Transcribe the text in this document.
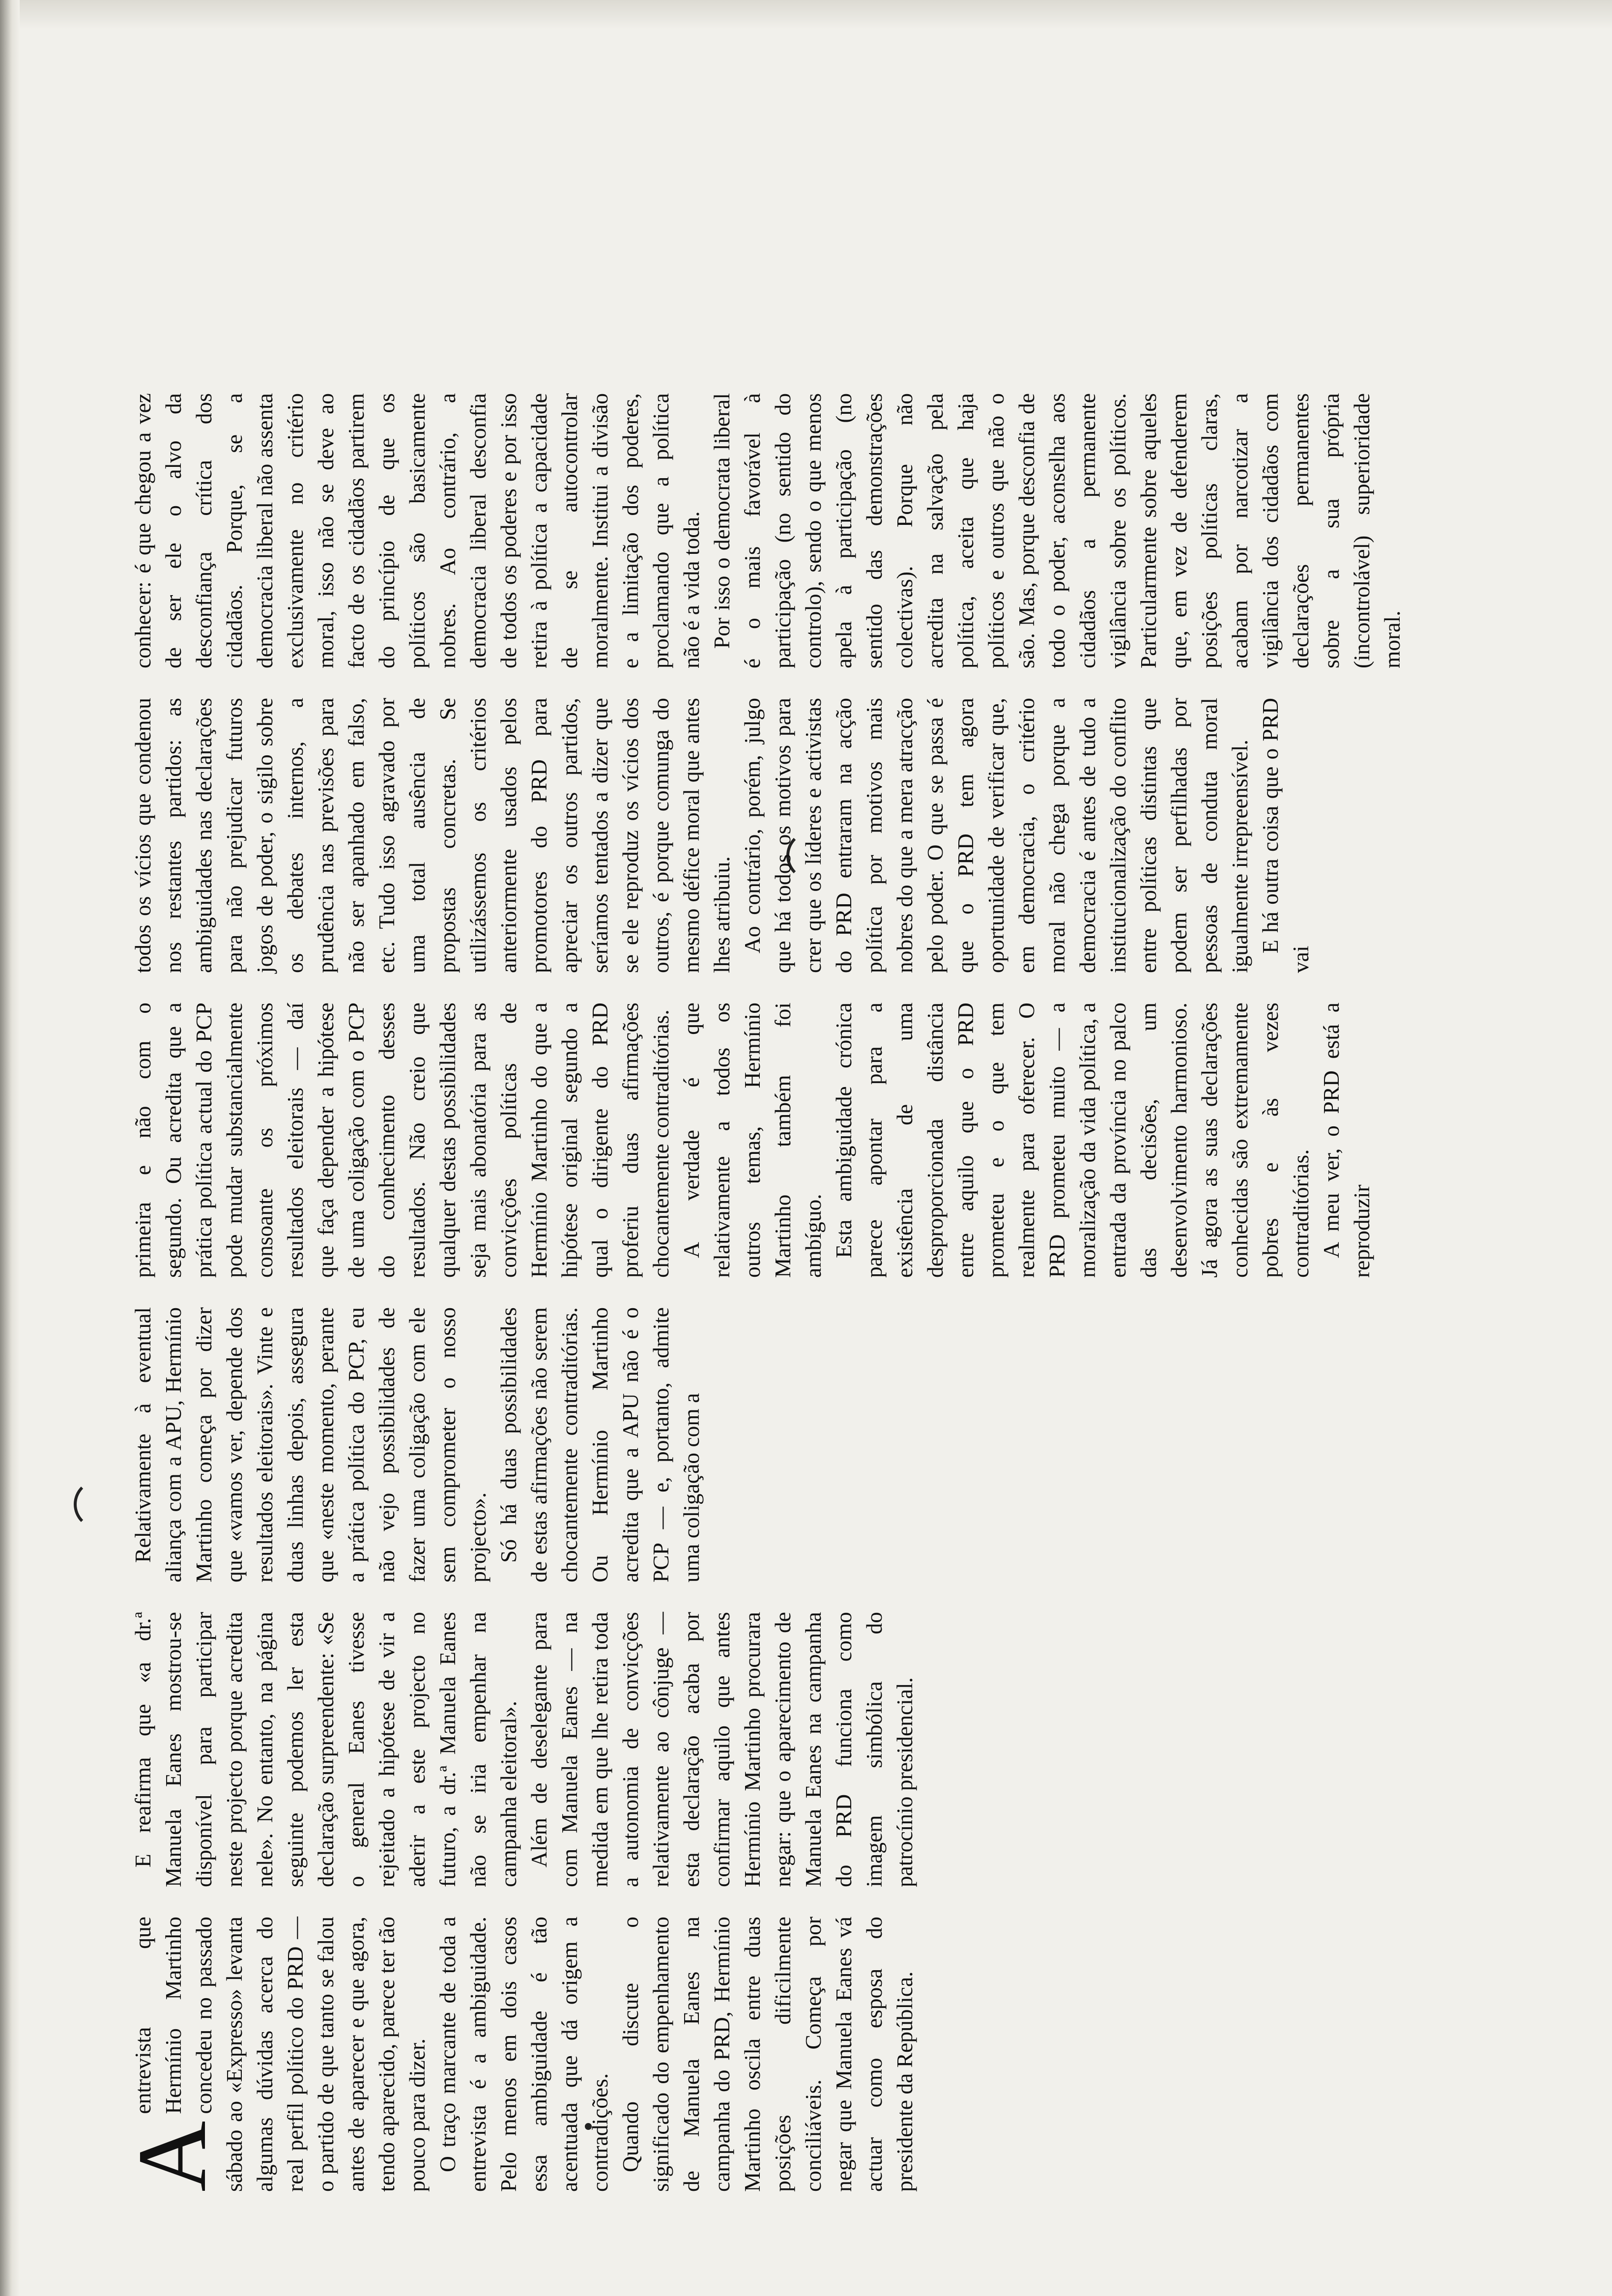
A
entrevista que Hermínio Martinho concedeu no passado sábado ao «Expresso» levanta algumas dúvidas acerca do real perfil político do PRD — o partido de que tanto se falou antes de aparecer e que agora, tendo aparecido, parece ter tão pouco para dizer. O traço marcante de toda a entrevista é a ambiguidade. Pelo menos em dois casos essa ambiguidade é tão acentuada que dá origem a contradições. Quando discute o significado do empenhamento de Manuela Eanes na campanha do PRD, Hermínio Martinho oscila entre duas posições dificilmente conciliáveis. Começa por negar que Manuela Eanes vá actuar como esposa do presidente da República.

E reafirma que «a dr.ª Manuela Eanes mostrou-se disponível para participar neste projecto porque acredita nele». No entanto, na página seguinte podemos ler esta declaração surpreendente: «Se o general Eanes tivesse rejeitado a hipótese de vir a aderir a este projecto no futuro, a dr.ª Manuela Eanes não se iria empenhar na campanha eleitoral». Além de deselegante para com Manuela Eanes — na medida em que lhe retira toda a autonomia de convicções relativamente ao cônjuge — esta declaração acaba por confirmar aquilo que antes Hermínio Martinho procurara negar: que o aparecimento de Manuela Eanes na campanha do PRD funciona como imagem simbólica do patrocínio presidencial.

Relativamente à eventual aliança com a APU, Hermínio Martinho começa por dizer que «vamos ver, depende dos resultados eleitorais». Vinte e duas linhas depois, assegura que «neste momento, perante a prática política do PCP, eu não vejo possibilidades de fazer uma coligação com ele sem comprometer o nosso projecto». Só há duas possibilidades de estas afirmações não serem chocantemente contraditórias. Ou Hermínio Martinho acredita que a APU não é o PCP — e, portanto, admite uma coligação com a

primeira e não com o segundo. Ou acredita que a prática política actual do PCP pode mudar substancialmente consoante os próximos resultados eleitorais — daí que faça depender a hipótese de uma coligação com o PCP do conhecimento desses resultados. Não creio que qualquer destas possibilidades seja mais abonatória para as convicções políticas de Hermínio Martinho do que a hipótese original segundo a qual o dirigente do PRD proferiu duas afirmações chocantemente contraditórias. A verdade é que relativamente a todos os outros temas, Hermínio Martinho também foi ambíguo. Esta ambiguidade crónica parece apontar para a existência de uma desproporcionada distância entre aquilo que o PRD prometeu e o que tem realmente para oferecer. O PRD prometeu muito — a moralização da vida política, a entrada da província no palco das decisões, um desenvolvimento harmonioso. Já agora as suas declarações conhecidas são extremamente pobres e às vezes contraditórias. A meu ver, o PRD está a reproduzir

todos os vícios que condenou nos restantes partidos: as ambiguidades nas declarações para não prejudicar futuros jogos de poder, o sigilo sobre os debates internos, a prudência nas previsões para não ser apanhado em falso, etc. Tudo isso agravado por uma total ausência de propostas concretas. Se utilizássemos os critérios anteriormente usados pelos promotores do PRD para apreciar os outros partidos, seríamos tentados a dizer que se ele reproduz os vícios dos outros, é porque comunga do mesmo défice moral que antes lhes atribuiu. Ao contrário, porém, julgo que há todos os motivos para crer que os líderes e activistas do PRD entraram na acção política por motivos mais nobres do que a mera atracção pelo poder. O que se passa é que o PRD tem agora oportunidade de verificar que, em democracia, o critério moral não chega porque a democracia é antes de tudo a institucionalização do conflito entre políticas distintas que podem ser perfilhadas por pessoas de conduta moral igualmente irrepreensível. E há outra coisa que o PRD vai

conhecer: é que chegou a vez de ser ele o alvo da desconfiança crítica dos cidadãos. Porque, se a democracia liberal não assenta exclusivamente no critério moral, isso não se deve ao facto de os cidadãos partirem do princípio de que os políticos são basicamente nobres. Ao contrário, a democracia liberal desconfia de todos os poderes e por isso retira à política a capacidade de se autocontrolar moralmente. Institui a divisão e a limitação dos poderes, proclamando que a política não é a vida toda. Por isso o democrata liberal é o mais favorável à participação (no sentido do controlo), sendo o que menos apela à participação (no sentido das demonstrações colectivas). Porque não acredita na salvação pela política, aceita que haja políticos e outros que não o são. Mas, porque desconfia de todo o poder, aconselha aos cidadãos a permanente vigilância sobre os políticos. Particularmente sobre aqueles que, em vez de defenderem posições políticas claras, acabam por narcotizar a vigilância dos cidadãos com declarações permanentes sobre a sua própria (incontrolável) superioridade moral.
